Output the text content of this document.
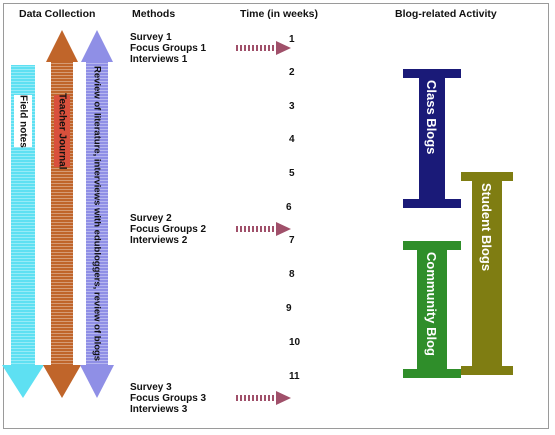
Data Collection	Methods	Time (in weeks)	Blog-related Activity
Field notes	Teacher Journal	Review of literature, interviews with edubloggers, review of blogs
Survey 1
Focus Groups 1
Interviews 1
Survey 2
Focus Groups 2
Interviews 2
Survey 3
Focus Groups 3
Interviews 3
1
2
3
4
5
6
7
8
9
10
11
Class Blogs
Student Blogs
Community Blog
